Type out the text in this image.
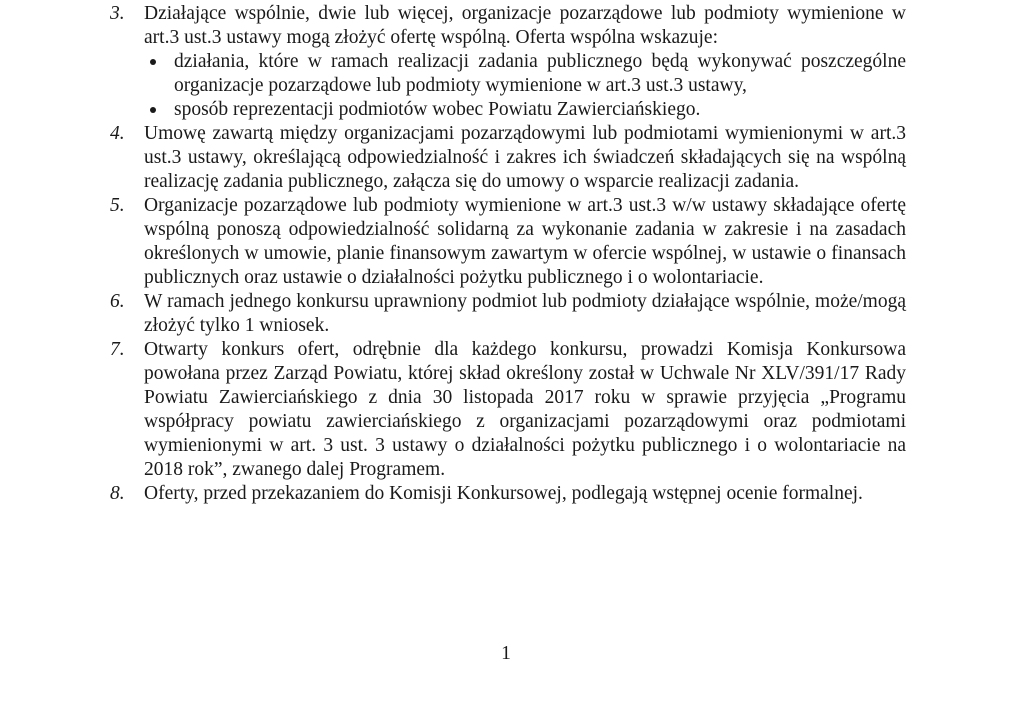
3. Działające wspólnie, dwie lub więcej, organizacje pozarządowe lub podmioty wymienione w art.3 ust.3 ustawy mogą złożyć ofertę wspólną. Oferta wspólna wskazuje:
działania, które w ramach realizacji zadania publicznego będą wykonywać poszczególne organizacje pozarządowe lub podmioty wymienione w art.3 ust.3 ustawy,
sposób reprezentacji podmiotów wobec Powiatu Zawierciańskiego.
4. Umowę zawartą między organizacjami pozarządowymi lub podmiotami wymienionymi w art.3 ust.3 ustawy, określającą odpowiedzialność i zakres ich świadczeń składających się na wspólną realizację zadania publicznego, załącza się do umowy o wsparcie realizacji zadania.
5. Organizacje pozarządowe lub podmioty wymienione w art.3 ust.3 w/w ustawy składające ofertę wspólną ponoszą odpowiedzialność solidarną za wykonanie zadania w zakresie i na zasadach określonych w umowie, planie finansowym zawartym w ofercie wspólnej, w ustawie o finansach publicznych oraz ustawie o działalności pożytku publicznego i o wolontariacie.
6. W ramach jednego konkursu uprawniony podmiot lub podmioty działające wspólnie, może/mogą złożyć tylko 1 wniosek.
7. Otwarty konkurs ofert, odrębnie dla każdego konkursu, prowadzi Komisja Konkursowa powołana przez Zarząd Powiatu, której skład określony został w Uchwale Nr XLV/391/17 Rady Powiatu Zawierciańskiego z dnia 30 listopada 2017 roku w sprawie przyjęcia „Programu współpracy powiatu zawierciańskiego z organizacjami pozarządowymi oraz podmiotami wymienionymi w art. 3 ust. 3 ustawy o działalności pożytku publicznego i o wolontariacie na 2018 rok”, zwanego dalej Programem.
8. Oferty, przed przekazaniem do Komisji Konkursowej, podlegają wstępnej ocenie formalnej.
1
